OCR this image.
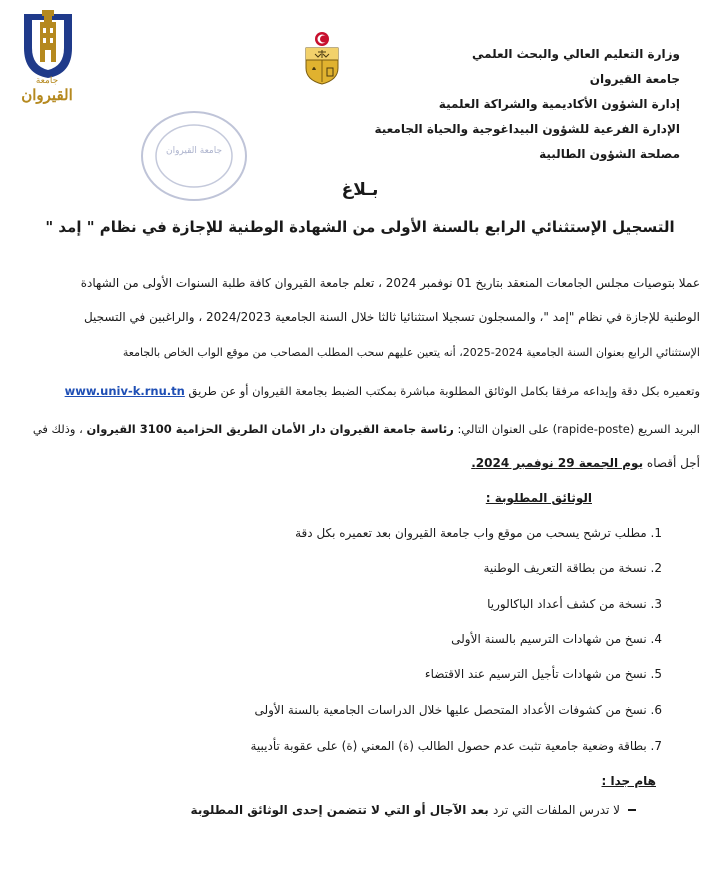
جامعة
القيروان
وزارة التعليم العالي والبحث العلمي
جامعة القيروان
إدارة الشؤون الأكاديمية والشراكة العلمية
الإدارة الفرعية للشؤون البيداغوجية والحياة الجامعية
مصلحة الشؤون الطالبية
جامعة القيروان
بـلاغ
التسجيل الإستثنائي الرابع بالسنة الأولى من الشهادة الوطنية للإجازة في نظام " إمد "
عملا بتوصيات مجلس الجامعات المنعقد بتاريخ 01 نوفمبر 2024 ، تعلم جامعة القيروان كافة طلبة السنوات الأولى من الشهادة
الوطنية للإجازة في نظام "إمد "، والمسجلون تسجيلا استثنائيا ثالثا خلال السنة الجامعية 2024/2023 ، والراغبين في التسجيل
الإستثنائي الرابع بعنوان السنة الجامعية 2024-2025، أنه يتعين عليهم سحب المطلب المصاحب من موقع الواب الخاص بالجامعة
وتعميره بكل دقة وإيداعه مرفقا بكامل الوثائق المطلوبة مباشرة بمكتب الضبط بجامعة القيروان أو عن طريق www.univ-k.rnu.tn
البريد السريع (rapide-poste) على العنوان التالي: رئاسة جامعة القيروان دار الأمان الطريق الحزامية 3100 القيروان ، وذلك في
أجل أقصاه يوم الجمعة 29 نوفمبر 2024.
الوثائق المطلوبة :
1. مطلب ترشح يسحب من موقع واب جامعة القيروان بعد تعميره بكل دقة
2. نسخة من بطاقة التعريف الوطنية
3. نسخة من كشف أعداد الباكالوريا
4. نسخ من شهادات الترسيم بالسنة الأولى
5. نسخ من شهادات تأجيل الترسيم عند الاقتضاء
6. نسخ من كشوفات الأعداد المتحصل عليها خلال الدراسات الجامعية بالسنة الأولى
7. بطاقة وضعية جامعية تثبت عدم حصول الطالب (ة) المعني (ة) على عقوبة تأديبية
هام جدا :
لا تدرس الملفات التي ترد بعد الآجال أو التي لا تتضمن إحدى الوثائق المطلوبة
